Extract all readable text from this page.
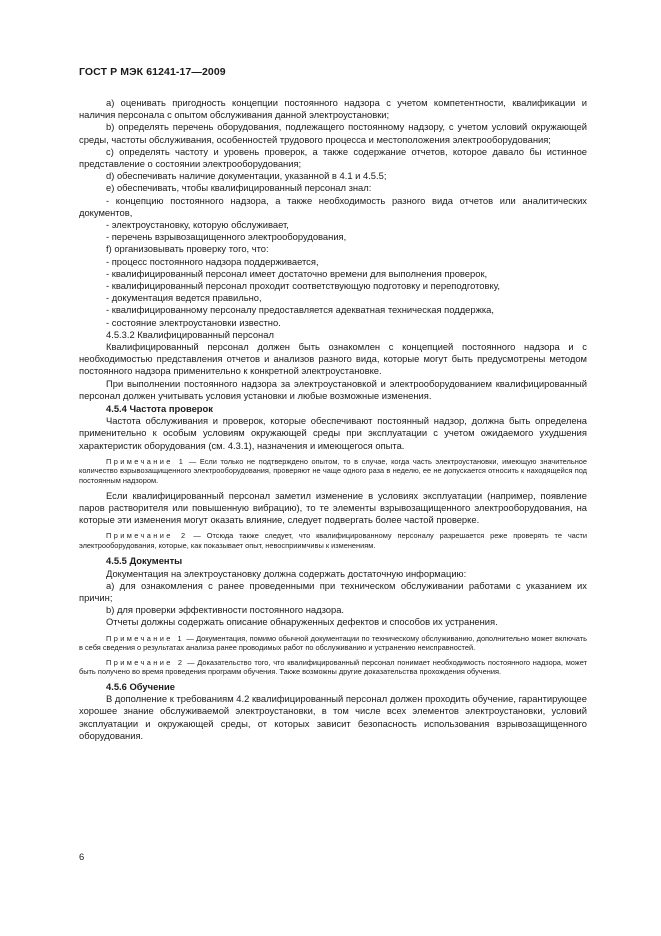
ГОСТ Р МЭК 61241-17—2009

a) оценивать пригодность концепции постоянного надзора с учетом компетентности, квалификации и наличия персонала с опытом обслуживания данной электроустановки;

b) определять перечень оборудования, подлежащего постоянному надзору, с учетом условий окружающей среды, частоты обслуживания, особенностей трудового процесса и местоположения электрооборудования;

c) определять частоту и уровень проверок, а также содержание отчетов, которое давало бы истинное представление о состоянии электрооборудования;

d) обеспечивать наличие документации, указанной в 4.1 и 4.5.5;

e) обеспечивать, чтобы квалифицированный персонал знал:

- концепцию постоянного надзора, а также необходимость разного вида отчетов или аналитических документов,

- электроустановку, которую обслуживает,

- перечень взрывозащищенного электрооборудования,

f) организовывать проверку того, что:

- процесс постоянного надзора поддерживается,

- квалифицированный персонал имеет достаточно времени для выполнения проверок,

- квалифицированный персонал проходит соответствующую подготовку и переподготовку,

- документация ведется правильно,

- квалифицированному персоналу предоставляется адекватная техническая поддержка,

- состояние электроустановки известно.

4.5.3.2 Квалифицированный персонал

Квалифицированный персонал должен быть ознакомлен с концепцией постоянного надзора и с необходимостью представления отчетов и анализов разного вида, которые могут быть предусмотрены методом постоянного надзора применительно к конкретной электроустановке.

При выполнении постоянного надзора за электроустановкой и электрооборудованием квалифицированный персонал должен учитывать условия установки и любые возможные изменения.

4.5.4 Частота проверок

Частота обслуживания и проверок, которые обеспечивают постоянный надзор, должна быть определена применительно к особым условиям окружающей среды при эксплуатации с учетом ожидаемого ухудшения характеристик оборудования (см. 4.3.1), назначения и имеющегося опыта.

Примечание 1 — Если только не подтверждено опытом, то в случае, когда часть электроустановки, имеющую значительное количество взрывозащищенного электрооборудования, проверяют не чаще одного раза в неделю, ее не допускается относить к находящейся под постоянным надзором.

Если квалифицированный персонал заметил изменение в условиях эксплуатации (например, появление паров растворителя или повышенную вибрацию), то те элементы взрывозащищенного электрооборудования, на которые эти изменения могут оказать влияние, следует подвергать более частой проверке.

Примечание 2 — Отсюда также следует, что квалифицированному персоналу разрешается реже проверять те части электрооборудования, которые, как показывает опыт, невосприимчивы к изменениям.

4.5.5 Документы

Документация на электроустановку должна содержать достаточную информацию:

a) для ознакомления с ранее проведенными при техническом обслуживании работами с указанием их причин;

b) для проверки эффективности постоянного надзора.

Отчеты должны содержать описание обнаруженных дефектов и способов их устранения.

Примечание 1 — Документация, помимо обычной документации по техническому обслуживанию, дополнительно может включать в себя сведения о результатах анализа ранее проводимых работ по обслуживанию и устранению неисправностей.

Примечание 2 — Доказательство того, что квалифицированный персонал понимает необходимость постоянного надзора, может быть получено во время проведения программ обучения. Также возможны другие доказательства прохождения обучения.

4.5.6 Обучение

В дополнение к требованиям 4.2 квалифицированный персонал должен проходить обучение, гарантирующее хорошее знание обслуживаемой электроустановки, в том числе всех элементов электроустановки, условий эксплуатации и окружающей среды, от которых зависит безопасность использования взрывозащищенного оборудования.

6
